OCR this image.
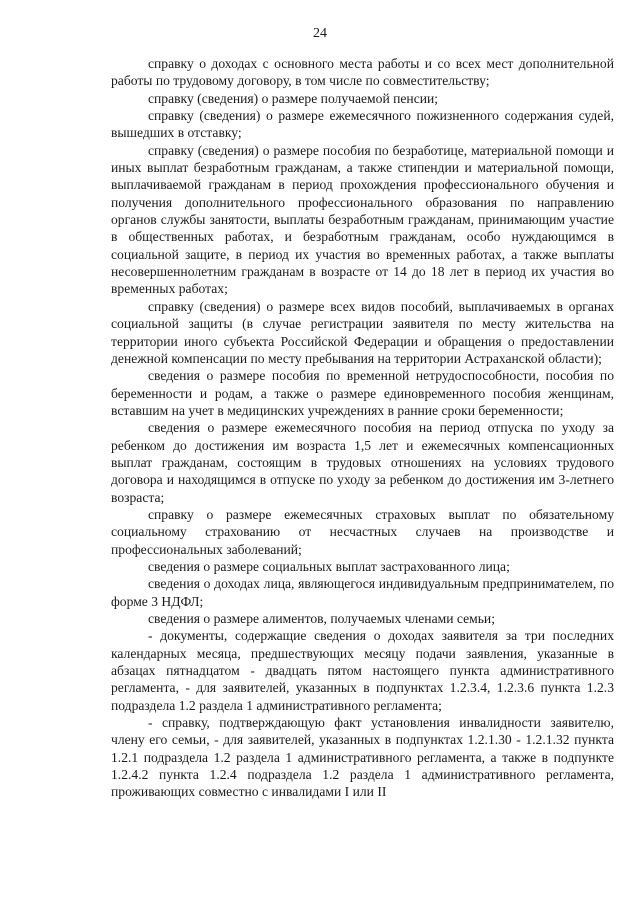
24

справку о доходах с основного места работы и со всех мест дополнительной работы по трудовому договору, в том числе по совместительству;

справку (сведения) о размере получаемой пенсии;

справку (сведения) о размере ежемесячного пожизненного содержания судей, вышедших в отставку;

справку (сведения) о размере пособия по безработице, материальной помощи и иных выплат безработным гражданам, а также стипендии и материальной помощи, выплачиваемой гражданам в период прохождения профессионального обучения и получения дополнительного профессионального образования по направлению органов службы занятости, выплаты безработным гражданам, принимающим участие в общественных работах, и безработным гражданам, особо нуждающимся в социальной защите, в период их участия во временных работах, а также выплаты несовершеннолетним гражданам в возрасте от 14 до 18 лет в период их участия во временных работах;

справку (сведения) о размере всех видов пособий, выплачиваемых в органах социальной защиты (в случае регистрации заявителя по месту жительства на территории иного субъекта Российской Федерации и обращения о предоставлении денежной компенсации по месту пребывания на территории Астраханской области);

сведения о размере пособия по временной нетрудоспособности, пособия по беременности и родам, а также о размере единовременного пособия женщинам, вставшим на учет в медицинских учреждениях в ранние сроки беременности;

сведения о размере ежемесячного пособия на период отпуска по уходу за ребенком до достижения им возраста 1,5 лет и ежемесячных компенсационных выплат гражданам, состоящим в трудовых отношениях на условиях трудового договора и находящимся в отпуске по уходу за ребенком до достижения им 3-летнего возраста;

справку о размере ежемесячных страховых выплат по обязательному социальному страхованию от несчастных случаев на производстве и профессиональных заболеваний;

сведения о размере социальных выплат застрахованного лица;

сведения о доходах лица, являющегося индивидуальным предпринимателем, по форме 3 НДФЛ;

сведения о размере алиментов, получаемых членами семьи;

- документы, содержащие сведения о доходах заявителя за три последних календарных месяца, предшествующих месяцу подачи заявления, указанные в абзацах пятнадцатом - двадцать пятом настоящего пункта административного регламента, - для заявителей, указанных в подпунктах 1.2.3.4, 1.2.3.6 пункта 1.2.3 подраздела 1.2 раздела 1 административного регламента;

- справку, подтверждающую факт установления инвалидности заявителю, члену его семьи, - для заявителей, указанных в подпунктах 1.2.1.30 - 1.2.1.32 пункта 1.2.1 подраздела 1.2 раздела 1 административного регламента, а также в подпункте 1.2.4.2 пункта 1.2.4 подраздела 1.2 раздела 1 административного регламента, проживающих совместно с инвалидами I или II
